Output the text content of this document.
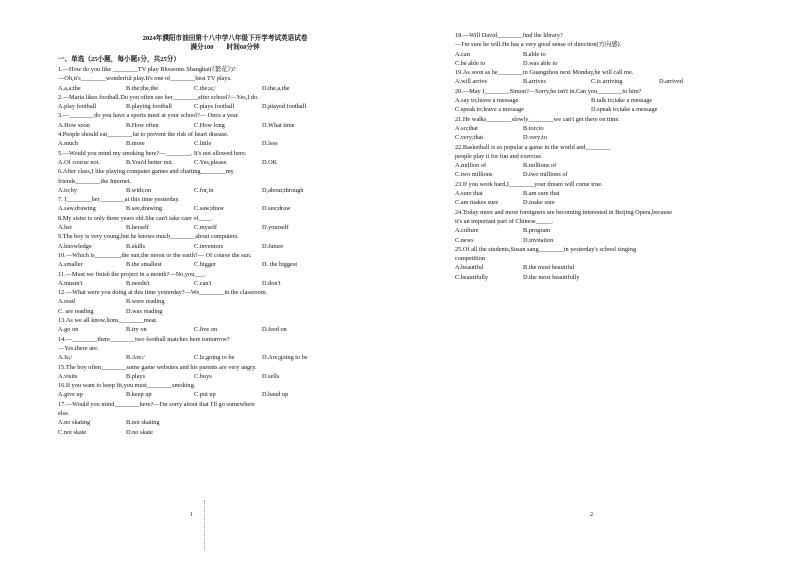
2024年濮阳市油田第十八中学八年级下开学考试英语试卷
满分100　　时间60分钟
一、单选（25小题，每小题1分，共25分）
1.—How do you like ________TV play Blossoms Shanghai(《繁花》)?
—Oh,it's________wonderful play.It's one of________best TV plays.
A.a,a;the	B.the;the,the	C.the;a;/	D.the,a,the
2.—Maria likes football.Do you often see her________after school?—Yes,I do.
A.play football	B.playing football	C.plays football	D.played football
3.—________do you have a sports meet at your school?— Once a year.
A.How soon	B.How often	C.How long	D.What time
4.People should eat________fat to prevent the risk of heart disease.
A.much	B.more	C.little	D.less
5.—Would you mind my smoking here?—________. It's not allowed here.
A.Of course not.	B.You'd better not.	C.Yes,please.	D.OK
6.After class,I like playing computer games and chatting________my
friends________the Internet.
A.to;by	B.with;on	C.for,in	D,about;through
7. I________her________at this time yesterday.
A.saw.drawing	B.see,drawing	C.saw;draw	D.see;draw
8.My sister is only three years old.She can't take care of____.
A.her	B.herself	C.myself	D.yourself
9.The boy is very young,but he knows much________about computers.
A.knowledge	B.skills	C.inventors	D.future
10.—Which is________,the sun,the moon or the earth?— Of course the sun.
A.smaller	B.the smallest	C.bigger	D. the biggest
11.—Must we finish the project in a month?—No,you___.
A.mustn't	B.needn't	C.can't	D.don't
12.—What were you doing at this time yesterday?—We________in the classroom.
A.read	B.were reading
C. are reading	D.was reading
13.As we all know,lions________meat.
A.go on	B.try on	C.live on	D.feed on
14.—________there________two football matches here tomorrow?
—Yes.there are.
A.Is;/	B.Are;/	C.Is;going to be	D.Are;going to be
15.The boy often________some game websites and his parents are very angry.
A.visits	B.plays	C.buys	D.sells
16.If you want to keep fit,you must________smoking.
A.give up	B.keep up	C.put up	D.hand up
17.—Would you mind________here?—I'm sorry about that I'll go somewhere
else.
A.no skating	B.not skating
C.not skate	D.no skate
18.—Will David________find the library?
—I'm sure he will.He has a very good sense of direction(方向感).
A.can	B.able to
C.be able to	D.was able to
19.As soon as he________in Guangzhou next Monday,he will call me.
A.will arrive	B.arrives	C.is arriving	D.arrived
20.—May I________Simon?—Sorry,he isn't in.Can you________to him?
A.say to;leave a message	B.talk to;take a message
C.speak to;leave a message	D.speak to;take a message
21.He walks________slowly________we can't get there on time.
A.so;that	B.too;to
C.very;that	D.very;to
22.Basketball is so popular a game in the world and________
people play it for fun and exercise.
A.million of	B.millions of
C.two millions	D.two millions of
23.If you work hard,I________your dream will come true.
A.sure that	B.am sure that
C.am makes sure	D.make sure
24.Today more and more foreigners are becoming interested in Beijing Opera,because
it's an important part of Chinese_____.
A.culture	B.program
C.news	D.invitation
25.Of all the students,Susan sang________in yesterday's school singing
competition
A.beautiful	B.the most beautiful
C.beautifully	D.the most beautifully
1	2
